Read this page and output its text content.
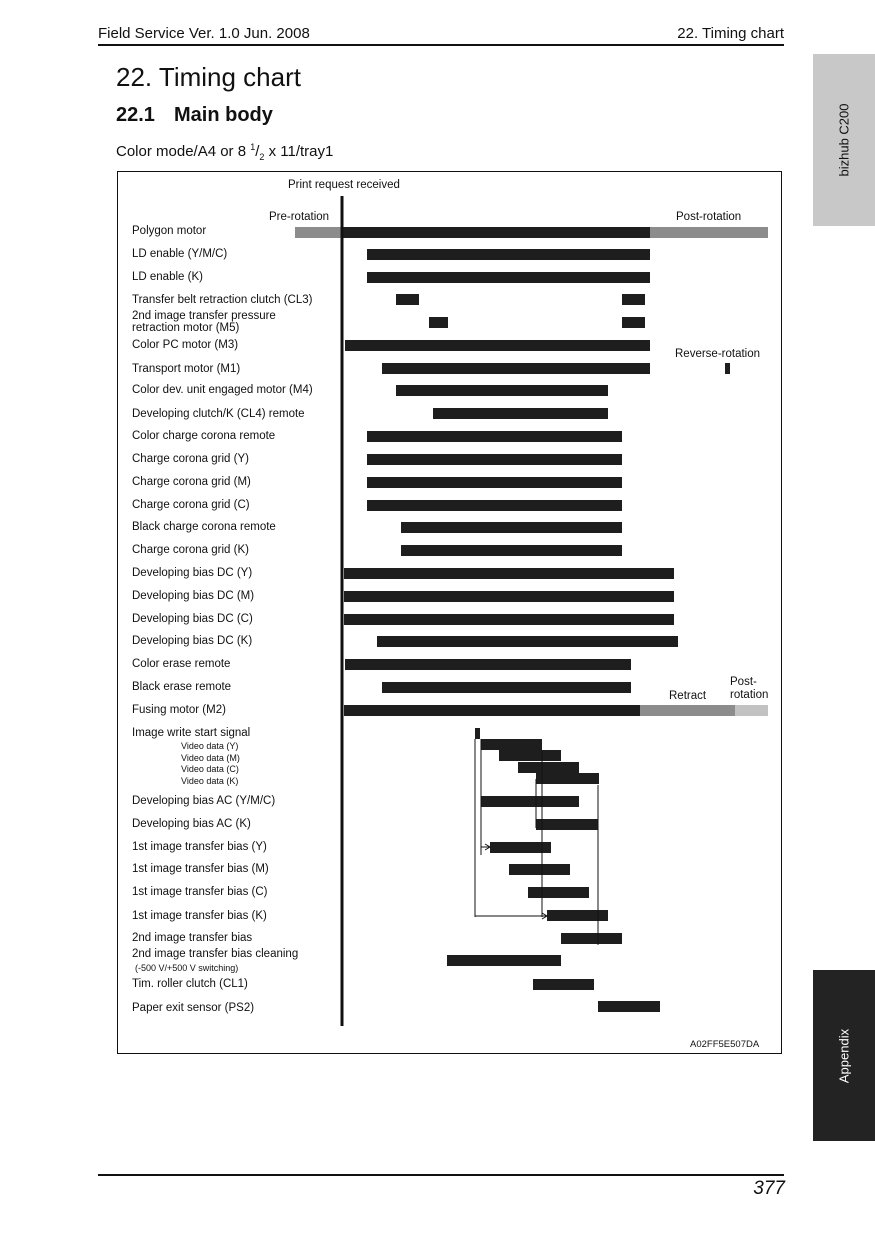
Field Service Ver. 1.0 Jun. 2008	22. Timing chart
22. Timing chart
22.1 Main body
Color mode/A4 or 8 $^1/_2$ x 11/tray1	bizhub C200
Appendix
Print request received
Pre-rotation	Post-rotation
Reverse-rotation
Retract
Post-
rotation
A02FF5E507DA
Polygon motor
LD enable (Y/M/C)
LD enable (K)
Transfer belt retraction clutch (CL3)
2nd image transfer pressure
retraction motor (M5)
Color PC motor (M3)
Transport motor (M1)
Color dev. unit engaged motor (M4)
Developing clutch/K (CL4) remote
Color charge corona remote
Charge corona grid (Y)
Charge corona grid (M)
Charge corona grid (C)
Black charge corona remote
Charge corona grid (K)
Developing bias DC (Y)
Developing bias DC (M)
Developing bias DC (C)
Developing bias DC (K)
Color erase remote
Black erase remote
Fusing motor (M2)
Image write start signal
Video data (Y)
Video data (M)
Video data (C)
Video data (K)
Developing bias AC (Y/M/C)
Developing bias AC (K)
1st image transfer bias (Y)
1st image transfer bias (M)
1st image transfer bias (C)
1st image transfer bias (K)
2nd image transfer bias
2nd image transfer bias cleaning
(-500 V/+500 V switching)
Tim. roller clutch (CL1)
Paper exit sensor (PS2)
377
